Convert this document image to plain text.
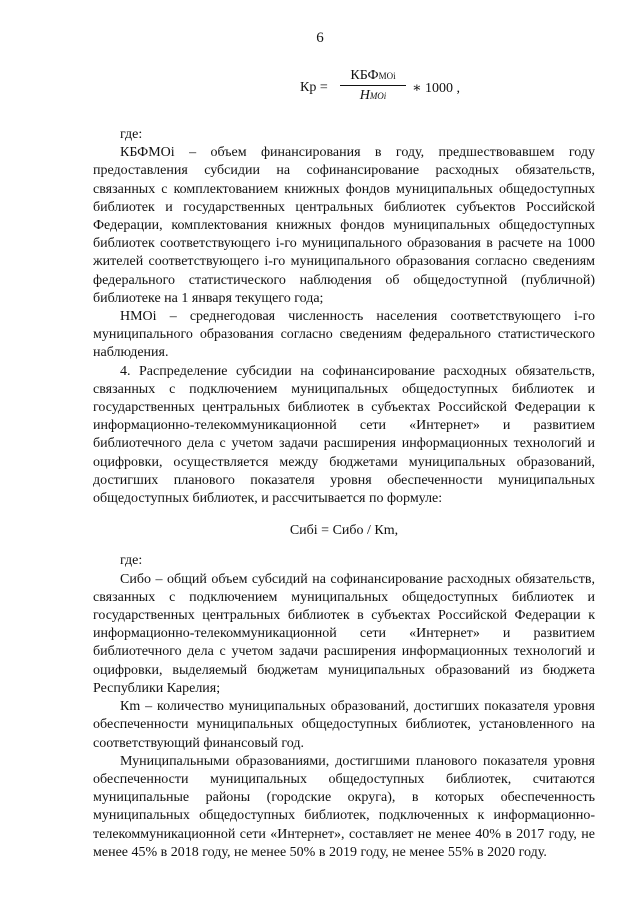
6
Кр =
КБФМОi
НМОi	∗ 1000 ,

где:

КБФМОi – объем финансирования в году, предшествовавшем году предоставления субсидии на софинансирование расходных обязательств, связанных с комплектованием книжных фондов муниципальных общедоступных библиотек и государственных центральных библиотек субъектов Российской Федерации, комплектования книжных фондов муниципальных общедоступных библиотек соответствующего i-го муниципального образования в расчете на 1000 жителей соответствующего i-го муниципального образования согласно сведениям федерального статистического наблюдения об общедоступной (публичной) библиотеке на 1 января текущего года;

НМОi – среднегодовая численность населения соответствующего i-го муниципального образования согласно сведениям федерального статистического наблюдения.

4. Распределение субсидии на софинансирование расходных обязательств, связанных с подключением муниципальных общедоступных библиотек и государственных центральных библиотек в субъектах Российской Федерации к информационно-телекоммуникационной сети «Интернет» и развитием библиотечного дела с учетом задачи расширения информационных технологий и оцифровки, осуществляется между бюджетами муниципальных образований, достигших планового показателя уровня обеспеченности муниципальных общедоступных библиотек, и рассчитывается по формуле:

Сибi = Сибо / Кm,

где:

Сибо – общий объем субсидий на софинансирование расходных обязательств, связанных с подключением муниципальных общедоступных библиотек и государственных центральных библиотек в субъектах Российской Федерации к информационно-телекоммуникационной сети «Интернет» и развитием библиотечного дела с учетом задачи расширения информационных технологий и оцифровки, выделяемый бюджетам муниципальных образований из бюджета Республики Карелия;

Кm – количество муниципальных образований, достигших показателя уровня обеспеченности муниципальных общедоступных библиотек, установленного на соответствующий финансовый год.

Муниципальными образованиями, достигшими планового показателя уровня обеспеченности муниципальных общедоступных библиотек, считаются муниципальные районы (городские округа), в которых обеспеченность муниципальных общедоступных библиотек, подключенных к информационно-телекоммуникационной сети «Интернет», составляет не менее 40% в 2017 году, не менее 45% в 2018 году, не менее 50% в 2019 году, не менее 55% в 2020 году.
